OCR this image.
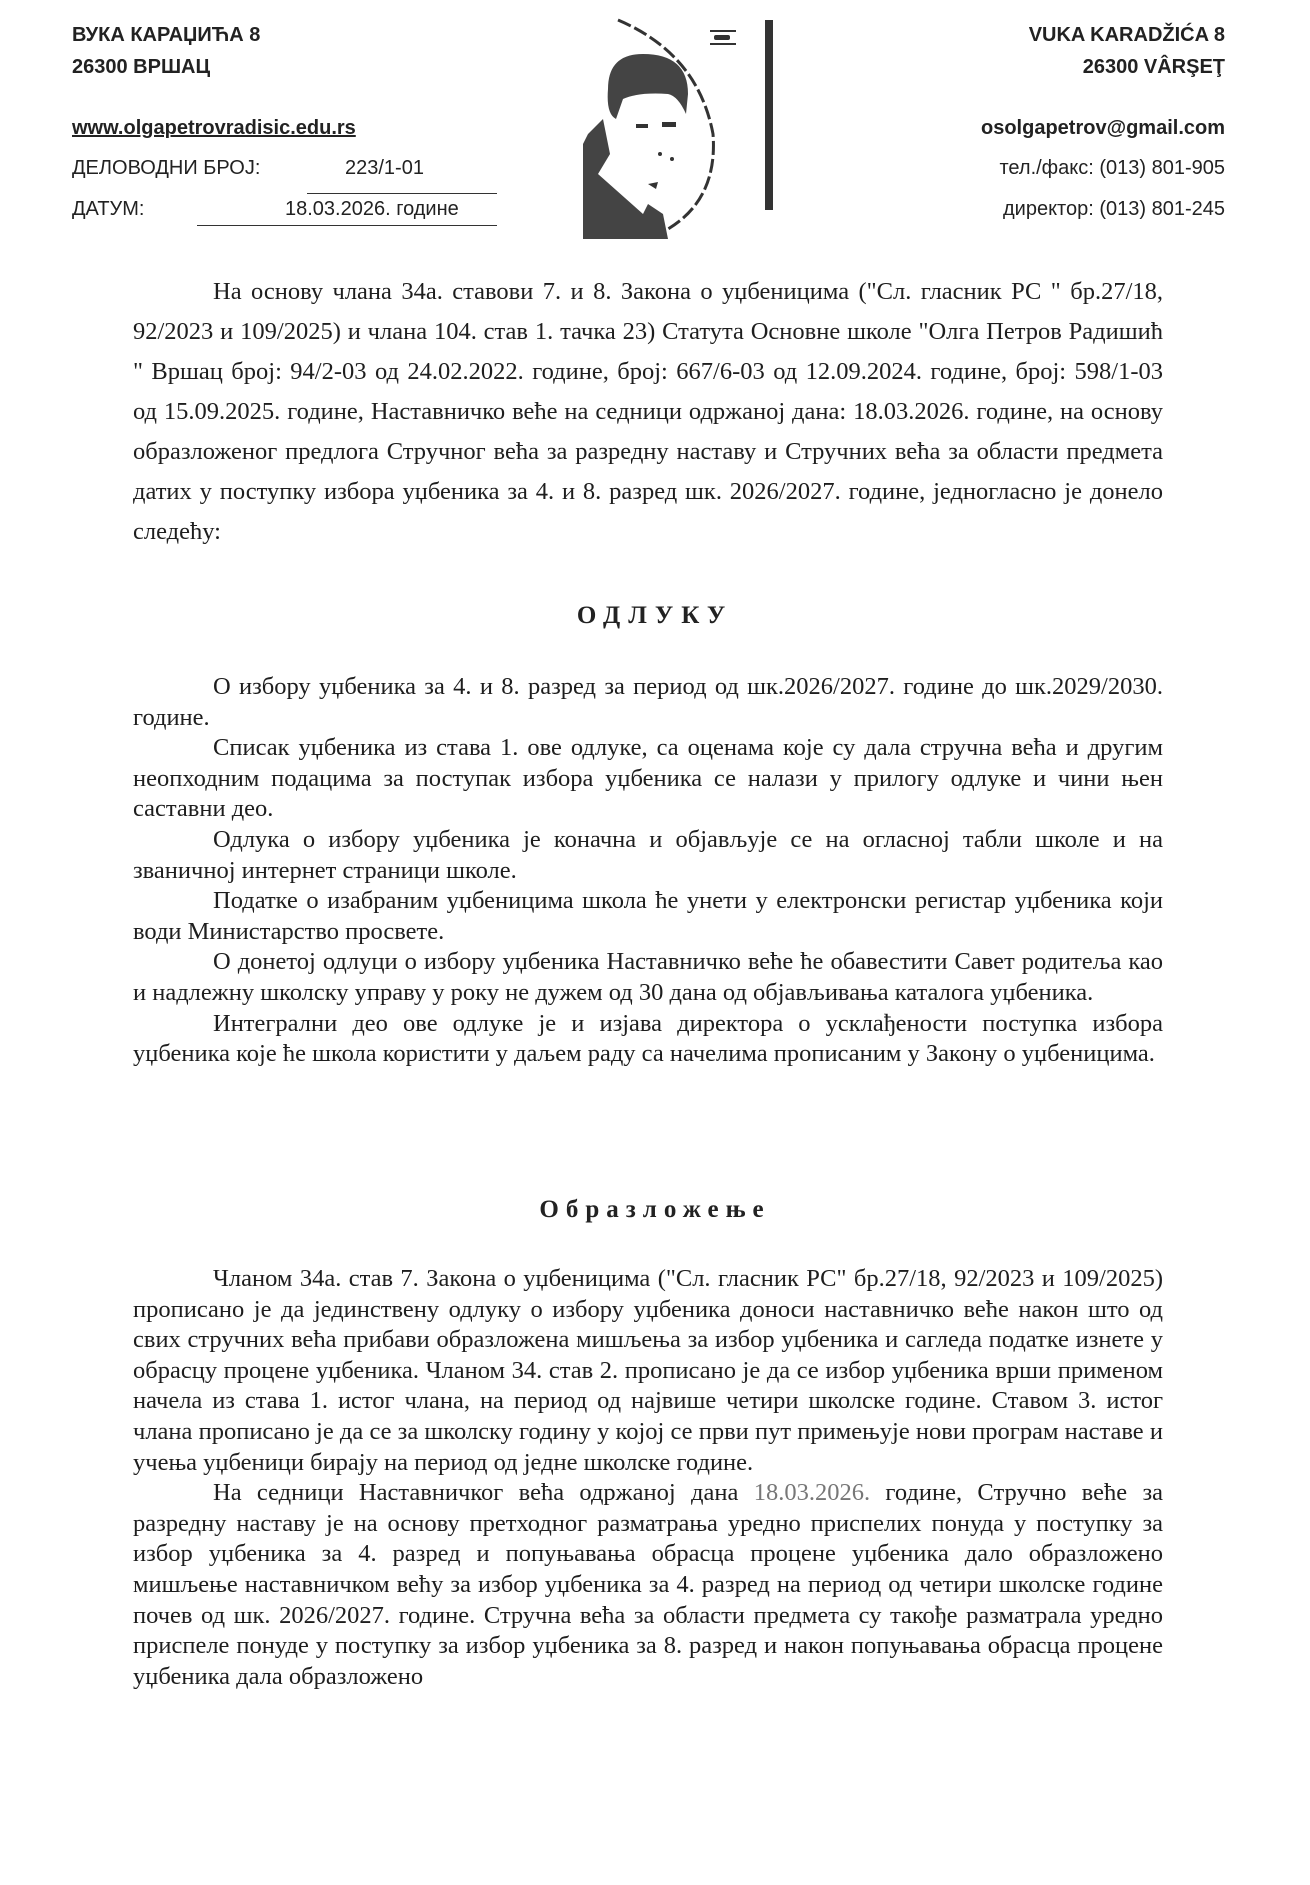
ВУКА КАРАЏИЋА 8
26300 ВРШАЦ
www.olgapetrovradisic.edu.rs
ДЕЛОВОДНИ БРОЈ:	223/1-01
ДАТУМ:	18.03.2026. године
VUKA KARADŽIĆA 8
26300 VÂRŞEŢ
osolgapetrov@gmail.com
тел./факс: (013) 801-905
директор: (013) 801-245

На основу члана 34а. ставови 7. и 8. Закона о уџбеницима ("Сл. гласник РС " бр.27/18, 92/2023 и 109/2025) и члана 104. став 1. тачка 23) Статута Основне школе "Олга Петров Радишић " Вршац број: 94/2-03 од 24.02.2022. године, број: 667/6-03 од 12.09.2024. године, број: 598/1-03 од 15.09.2025. године, Наставничко веће на седници одржаној дана: 18.03.2026. године, на основу образложеног предлога Стручног већа за разредну наставу и Стручних већа за области предмета датих у поступку избора уџбеника за 4. и 8. разред шк. 2026/2027. године, једногласно је донело следећу:

ОДЛУКУ

О избору уџбеника за 4. и 8. разред за период од шк.2026/2027. године до шк.2029/2030. године.

Списак уџбеника из става 1. ове одлуке, са оценама које су дала стручна већа и другим неопходним подацима за поступак избора уџбеника се налази у прилогу одлуке и чини њен саставни део.

Одлука о избору уџбеника је коначна и објављује се на огласној табли школе и на званичној интернет страници школе.

Податке о изабраним уџбеницима школа ће унети у електронски регистар уџбеника који води Министарство просвете.

О донетој одлуци о избору уџбеника Наставничко веће ће обавестити Савет родитеља као и надлежну школску управу у року не дужем од 30 дана од објављивања каталога уџбеника.

Интегрални део ове одлуке је и изјава директора о усклађености поступка избора уџбеника које ће школа користити у даљем раду са начелима прописаним у Закону о уџбеницима.

Образложење

Чланом 34а. став 7. Закона о уџбеницима ("Сл. гласник РС" бр.27/18, 92/2023 и 109/2025) прописано је да јединствену одлуку о избору уџбеника доноси наставничко веће након што од свих стручних већа прибави образложена мишљења за избор уџбеника и сагледа податке изнете у обрасцу процене уџбеника. Чланом 34. став 2. прописано је да се избор уџбеника врши применом начела из става 1. истог члана, на период од највише четири школске године. Ставом 3. истог члана прописано је да се за школску годину у којој се први пут примењује нови програм наставе и учења уџбеници бирају на период од једне школске године.

На седници Наставничког већа одржаној дана 18.03.2026. године, Стручно веће за разредну наставу је на основу претходног разматрања уредно приспелих понуда у поступку за избор уџбеника за 4. разред и попуњавања обрасца процене уџбеника дало образложено мишљење наставничком већу за избор уџбеника за 4. разред на период од четири школске године почев од шк. 2026/2027. године. Стручна већа за области предмета су такође разматрала уредно приспеле понуде у поступку за избор уџбеника за 8. разред и након попуњавања обрасца процене уџбеника дала образложено
